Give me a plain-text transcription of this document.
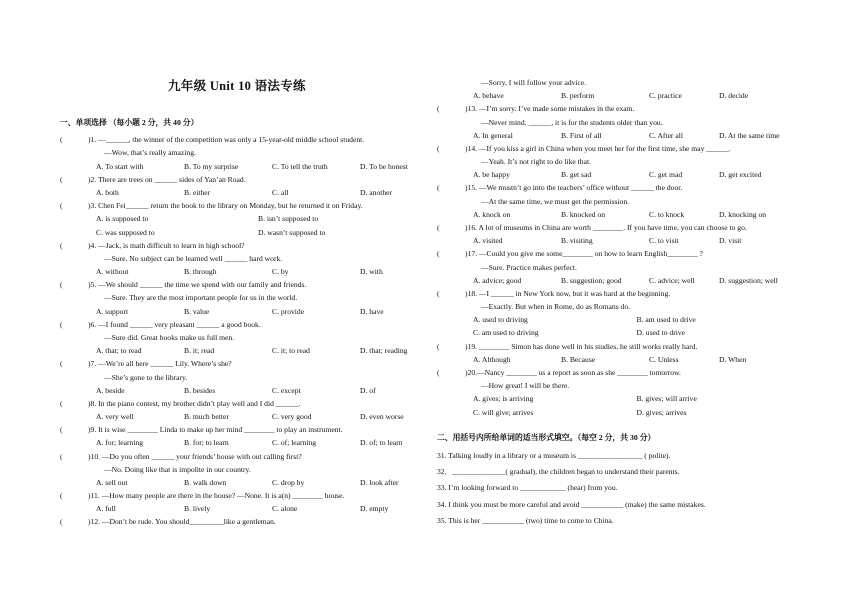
九年级 Unit 10 语法专练
一、单项选择 （每小题 2 分，共 40 分）
(	)1. —______, the winner of the competition was only a 15-year-old middle school student.
—Wow, that’s really amazing.
A. To start with	B. To my surprise	C. To tell the truth	D. To be honest
(	)2. There are trees on ______ sides of Yan’an Road.
A. both	B. either	C. all	D. another
(	)3. Chen Fei______ return the book to the library on Monday, but he returned it on Friday.
A. is supposed to	B. isn’t supposed to
C. was supposed to	D. wasn’t supposed to
(	)4. —Jack, is math difficult to learn in high school?
—Sure. No subject can be learned well ______ hard work.
A. without	B. through	C. by	D. with
(	)5. —We should ______ the time we spend with our family and friends.
—Sure. They are the most important people for us in the world.
A. support	B. value	C. provide	D. have
(	)6. —I found ______ very pleasant ______ a good book.
—Sure did. Great books make us full men.
A. that; to read	B. it; read	C. it; to read	D. that; reading
(	)7. —We’re all here ______ Lily. Where’s she?
—She’s gone to the library.
A. beside	B. besides	C. except	D. of
(	)8. In the piano contest, my brother didn’t play well and I did ______.
A. very well	B. much better	C. very good	D. even worse
(	)9. It is wise ________ Linda to make up her mind ________ to play an instrument.
A. for; learning	B. for; to learn	C. of; learning	D. of; to learn
(	)10. —Do you often ______ your friends’ house with out calling first?
—No. Doing like that is impolite in our country.
A. sell out	B. walk down	C. drop by	D. look after
(	)11. —How many people are there in the house? —None. It is a(n) ________ house.
A. full	B. lively	C. alone	D. empty
(	)12. —Don’t be rude. You should_________like a gentleman.
—Sorry, I will follow your advice.
A. behave	B. perform	C. practice	D. decide
(	)13. —I’m sorry. I’ve made some mistakes in the exam.
—Never mind. ______, it is for the students older than you.
A. In general	B. First of all	C. After all	D. At the same time
(	)14. —If you kiss a girl in China when you meet her for the first time, she may ______.
—Yeah. It’s not right to do like that.
A. be happy	B. get sad	C. get mad	D. get excited
(	)15. —We mustn’t go into the teachers’ office without ______ the door.
—At the same time, we must get the permission.
A. knock on	B. knocked on	C. to knock	D. knocking on
(	)16. A lot of museums in China are worth ________. If you have time, you can choose to go.
A. visited	B. visiting	C. to visit	D. visit
(	)17. —Could you give me some________ on how to learn English________ ?
—Sure. Practice makes perfect.
A. advice; good	B. suggestion; good	C. advice; well	D. suggestion; well
(	)18. —I ______ in New York now, but it was hard at the beginning.
—Exactly. But when in Rome, do as Romans do.
A. used to driving	B. am used to drive
C. am used to driving	D. used to drive
(	)19. ________ Simon has done well in his studies, he still works really hard.
A. Although	B. Because	C. Unless	D. When
(	)20.—Nancy ________ us a report as soon as she ________ tomorrow.
—How great! I will be there.
A. gives; is arriving	B. gives; will arrive
C. will give; arrives	D. gives; arrives
二、用括号内所给单词的适当形式填空。（每空 2 分，共 30 分）
31. Talking loudly in a library or a museum is _________________ ( polite).
32．______________( gradual), the children began to understand their parents.
33. I’m looking forward to ____________ (hear) from you.
34. I think you must be more careful and avoid ___________ (make) the same mistakes.
35. This is her ___________ (two) time to come to China.
